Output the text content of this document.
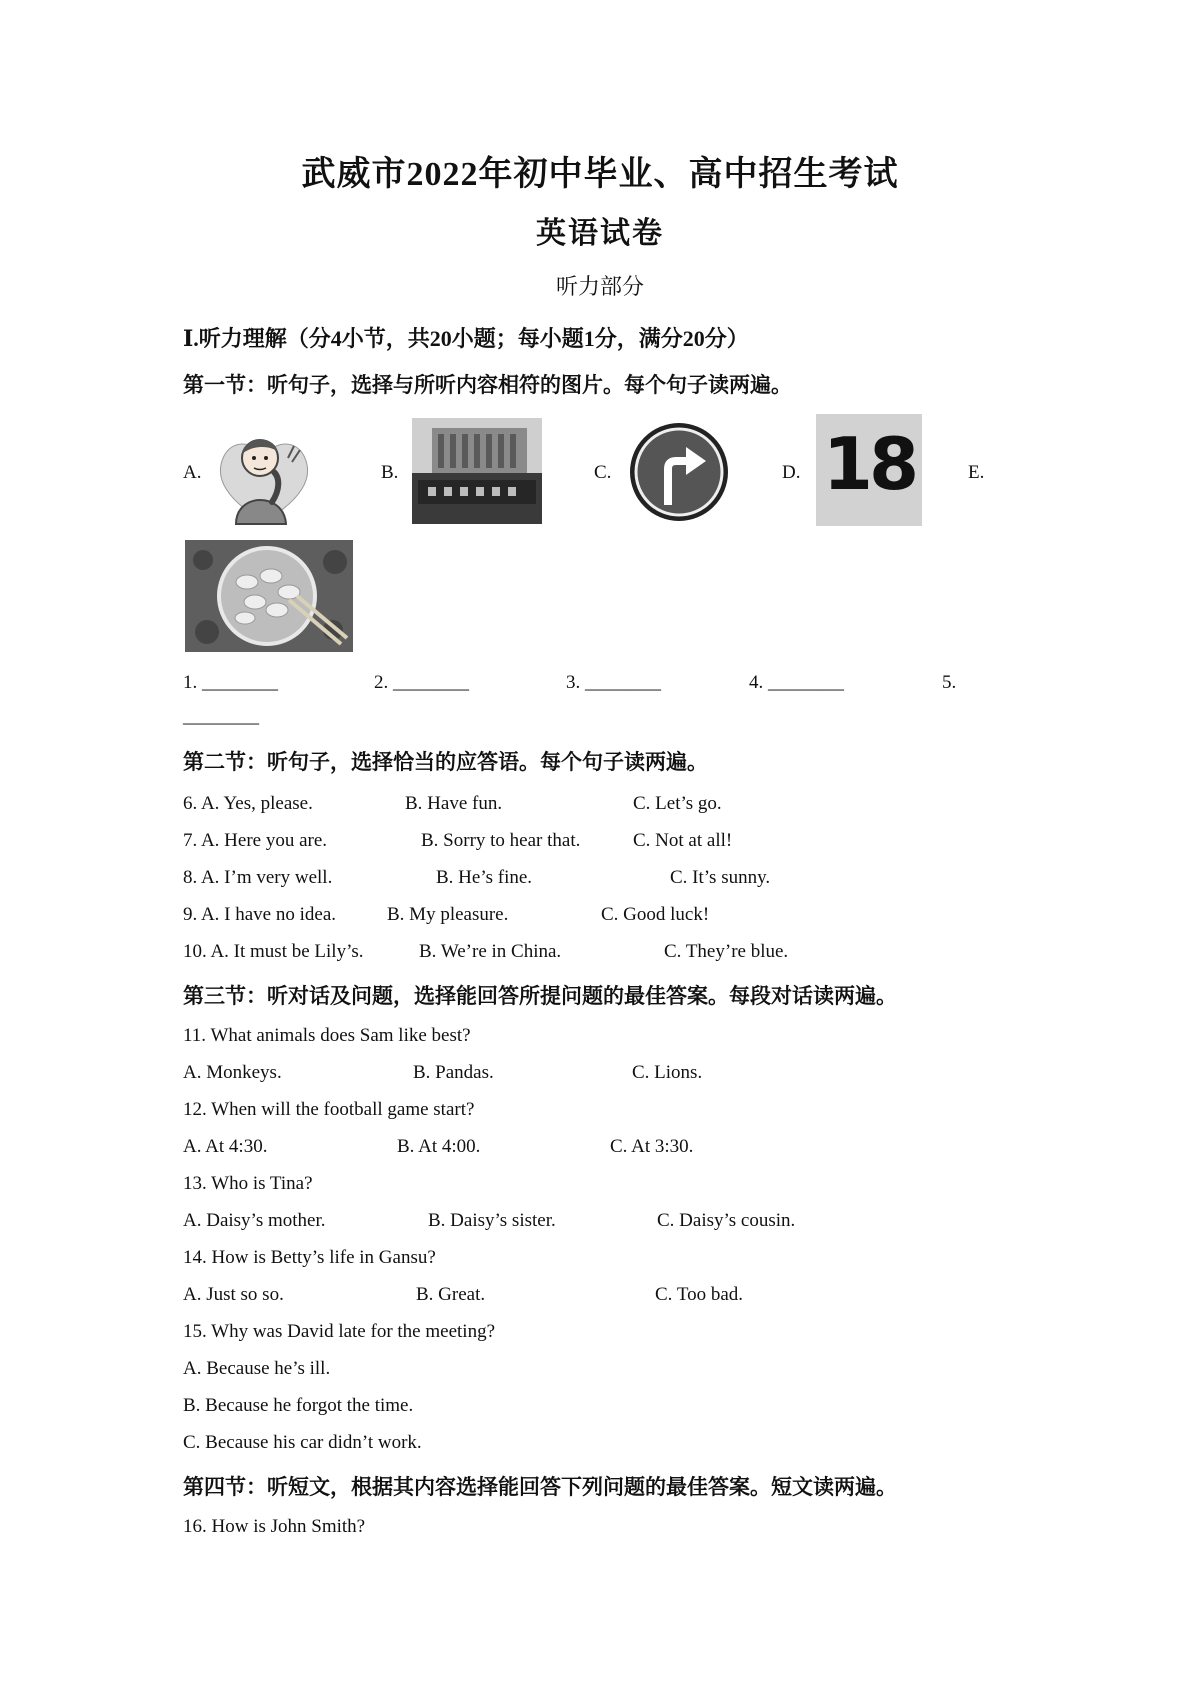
武威市2022年初中毕业、高中招生考试
英语试卷
听力部分
Ⅰ.听力理解（分4小节，共20小题；每小题1分，满分20分）
第一节：听句子，选择与所听内容相符的图片。每个句子读两遍。
A.	B.	C.	D. 18	E.
1. ________	2. ________	3. ________	4. ________	5.
________
第二节：听句子，选择恰当的应答语。每个句子读两遍。
6. A. Yes, please.	B. Have fun.	C. Let’s go.
7. A. Here you are.	B. Sorry to hear that.	C. Not at all!
8. A. I’m very well.	B. He’s fine.	C. It’s sunny.
9. A. I have no idea.	B. My pleasure.	C. Good luck!
10. A. It must be Lily’s.	B. We’re in China.	C. They’re blue.
第三节：听对话及问题，选择能回答所提问题的最佳答案。每段对话读两遍。
11. What animals does Sam like best?
A. Monkeys.	B. Pandas.	C. Lions.
12. When will the football game start?
A. At 4:30.	B. At 4:00.	C. At 3:30.
13. Who is Tina?
A. Daisy’s mother.	B. Daisy’s sister.	C. Daisy’s cousin.
14. How is Betty’s life in Gansu?
A. Just so so.	B. Great.	C. Too bad.
15. Why was David late for the meeting?
A. Because he’s ill.
B. Because he forgot the time.
C. Because his car didn’t work.
第四节：听短文，根据其内容选择能回答下列问题的最佳答案。短文读两遍。
16. How is John Smith?
